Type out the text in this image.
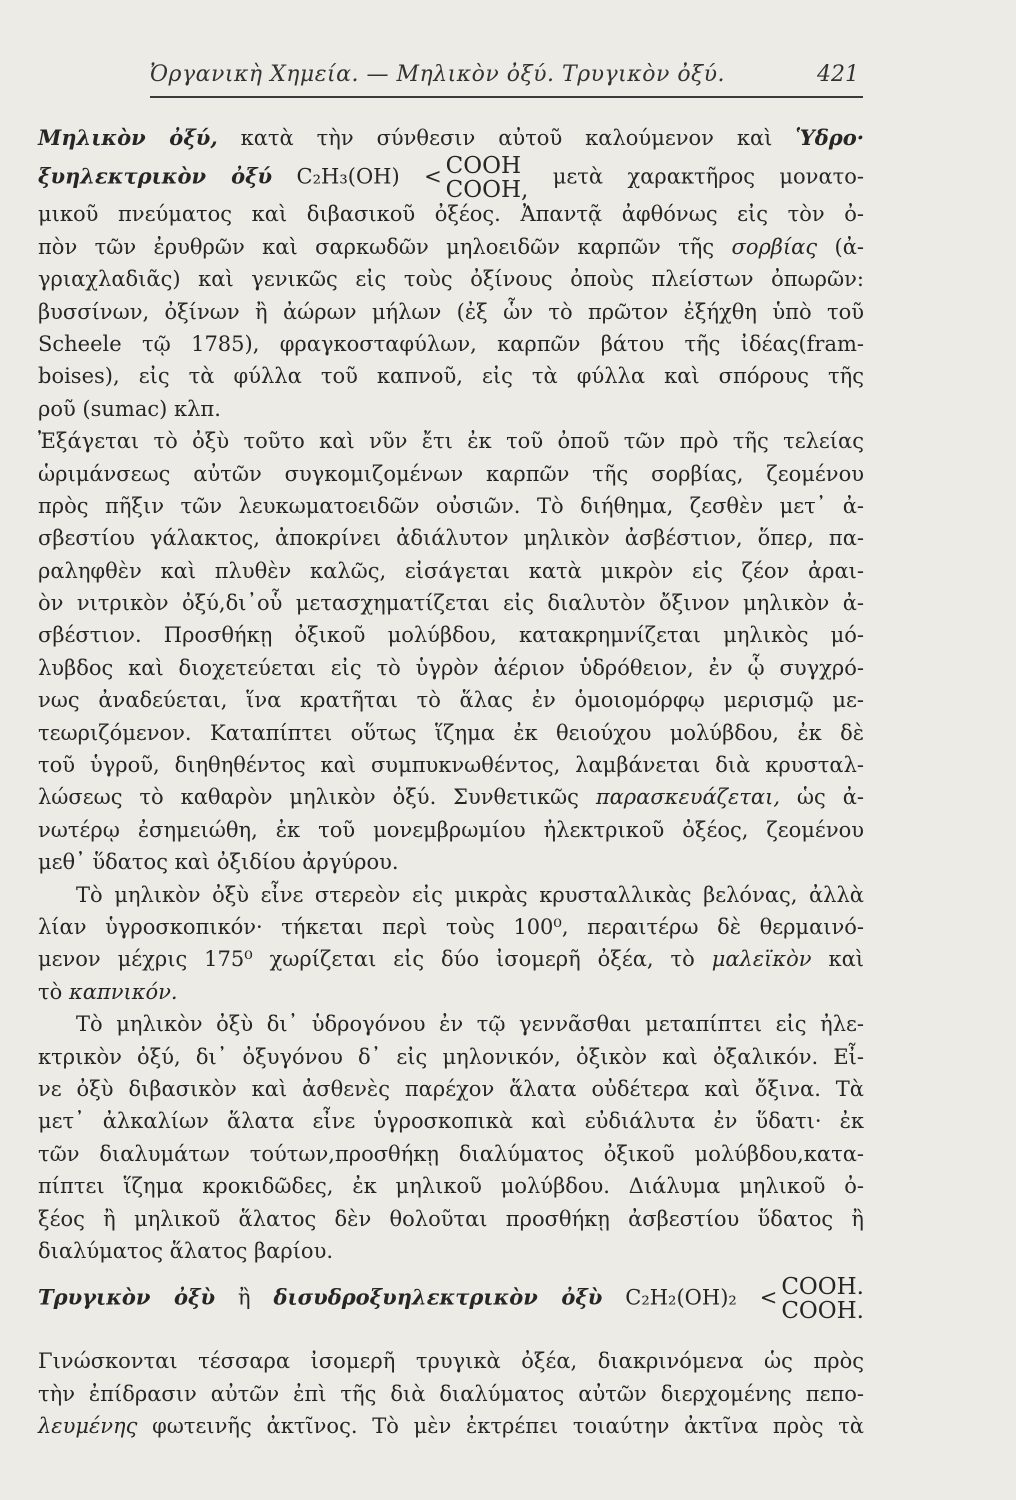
Ὀργανικὴ Χημεία. — Μηλικὸν ὀξύ. Τρυγικὸν ὀξύ.	421
Μηλικὸν ὀξύ, κατὰ τὴν σύνθεσιν αὐτοῦ καλούμενον καὶ Ὑδρο·
ξυηλεκτρικὸν ὀξύ C₂H₃(OH) < COOH
COOH,
μετὰ χαρακτῆρος μονατο-
μικοῦ πνεύματος καὶ διβασικοῦ ὀξέος. Ἀπαντᾷ ἀφθόνως εἰς τὸν ὀ-
πὸν τῶν ἐρυθρῶν καὶ σαρκωδῶν μηλοειδῶν καρπῶν τῆς σορβίας (ἀ-
γριαχλαδιᾶς) καὶ γενικῶς εἰς τοὺς ὀξίνους ὀποὺς πλείστων ὀπωρῶν:
βυσσίνων, ὀξίνων ἢ ἀώρων μήλων (ἐξ ὧν τὸ πρῶτον ἐξήχθη ὑπὸ τοῦ
Scheele τῷ 1785), φραγκοσταφύλων, καρπῶν βάτου τῆς ἰδέας(fram-
boises), εἰς τὰ φύλλα τοῦ καπνοῦ, εἰς τὰ φύλλα καὶ σπόρους τῆς
ροῦ (sumac) κλπ.
Ἐξάγεται τὸ ὀξὺ τοῦτο καὶ νῦν ἔτι ἐκ τοῦ ὀποῦ τῶν πρὸ τῆς τελείας
ὡριμάνσεως αὐτῶν συγκομιζομένων καρπῶν τῆς σορβίας, ζεομένου
πρὸς πῆξιν τῶν λευκωματοειδῶν οὐσιῶν. Τὸ διήθημα, ζεσθὲν μετ᾽ ἀ-
σβεστίου γάλακτος, ἀποκρίνει ἀδιάλυτον μηλικὸν ἀσβέστιον, ὅπερ, πα-
ραληφθὲν καὶ πλυθὲν καλῶς, εἰσάγεται κατὰ μικρὸν εἰς ζέον ἀραι-
ὸν νιτρικὸν ὀξύ,δι᾽οὗ μετασχηματίζεται εἰς διαλυτὸν ὄξινον μηλικὸν ἀ-
σβέστιον. Προσθήκῃ ὀξικοῦ μολύβδου, κατακρημνίζεται μηλικὸς μό-
λυβδος καὶ διοχετεύεται εἰς τὸ ὑγρὸν ἀέριον ὑδρόθειον, ἐν ᾧ συγχρό-
νως ἀναδεύεται, ἵνα κρατῆται τὸ ἅλας ἐν ὁμοιομόρφῳ μερισμῷ με-
τεωριζόμενον. Καταπίπτει οὕτως ἵζημα ἐκ θειούχου μολύβδου, ἐκ δὲ
τοῦ ὑγροῦ, διηθηθέντος καὶ συμπυκνωθέντος, λαμβάνεται διὰ κρυσταλ-
λώσεως τὸ καθαρὸν μηλικὸν ὀξύ. Συνθετικῶς παρασκευάζεται, ὡς ἀ-
νωτέρῳ ἐσημειώθη, ἐκ τοῦ μονεμβρωμίου ἠλεκτρικοῦ ὀξέος, ζεομένου
μεθ᾽ ὕδατος καὶ ὀξιδίου ἀργύρου.
Τὸ μηλικὸν ὀξὺ εἶνε στερεὸν εἰς μικρὰς κρυσταλλικὰς βελόνας, ἀλλὰ
λίαν ὑγροσκοπικόν· τήκεται περὶ τοὺς 100⁰, περαιτέρω δὲ θερμαινό-
μενον μέχρις 175⁰ χωρίζεται εἰς δύο ἰσομερῆ ὀξέα, τὸ μαλεϊκὸν καὶ
τὸ καπνικόν.
Τὸ μηλικὸν ὀξὺ δι᾽ ὑδρογόνου ἐν τῷ γεννᾶσθαι μεταπίπτει εἰς ἠλε-
κτρικὸν ὀξύ, δι᾽ ὀξυγόνου δ᾽ εἰς μηλονικόν, ὀξικὸν καὶ ὀξαλικόν. Εἶ-
νε ὀξὺ διβασικὸν καὶ ἀσθενὲς παρέχον ἅλατα οὐδέτερα καὶ ὄξινα. Τὰ
μετ᾽ ἀλκαλίων ἅλατα εἶνε ὑγροσκοπικὰ καὶ εὐδιάλυτα ἐν ὕδατι· ἐκ
τῶν διαλυμάτων τούτων,προσθήκῃ διαλύματος ὀξικοῦ μολύβδου,κατα-
πίπτει ἵζημα κροκιδῶδες, ἐκ μηλικοῦ μολύβδου. Διάλυμα μηλικοῦ ὀ-
ξέος ἢ μηλικοῦ ἅλατος δὲν θολοῦται προσθήκῃ ἀσβεστίου ὕδατος ἢ
διαλύματος ἅλατος βαρίου.
Τρυγικὸν ὀξὺ ἢ δισυδροξυηλεκτρικὸν ὀξὺ C₂H₂(OH)₂ < COOH.
COOH.
Γινώσκονται τέσσαρα ἰσομερῆ τρυγικὰ ὀξέα, διακρινόμενα ὡς πρὸς
τὴν ἐπίδρασιν αὐτῶν ἐπὶ τῆς διὰ διαλύματος αὐτῶν διερχομένης πεπο-
λευμένης φωτεινῆς ἀκτῖνος. Τὸ μὲν ἐκτρέπει τοιαύτην ἀκτῖνα πρὸς τὰ
